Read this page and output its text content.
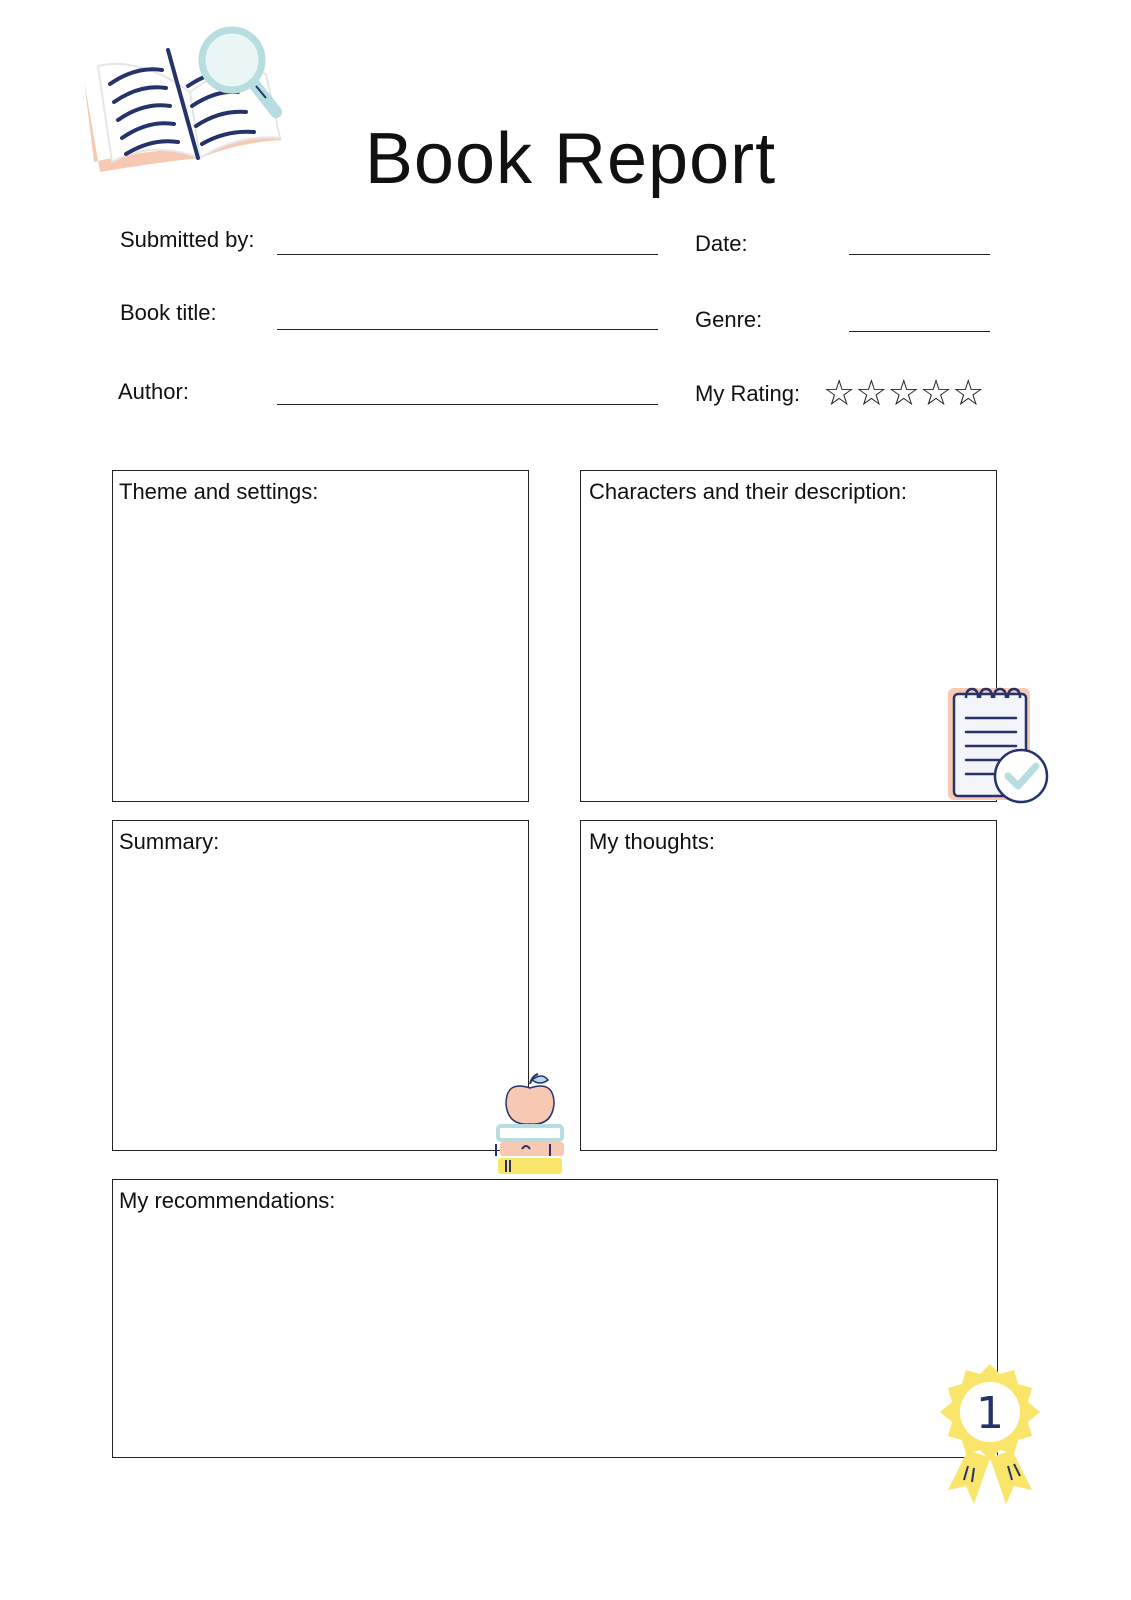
Book Report
Submitted by:
Book title:
Author:
Date:
Genre:
My Rating: ☆ ☆ ☆ ☆ ☆
Theme and settings:	Characters and their description:
Summary:	My thoughts:
My recommendations:
1
